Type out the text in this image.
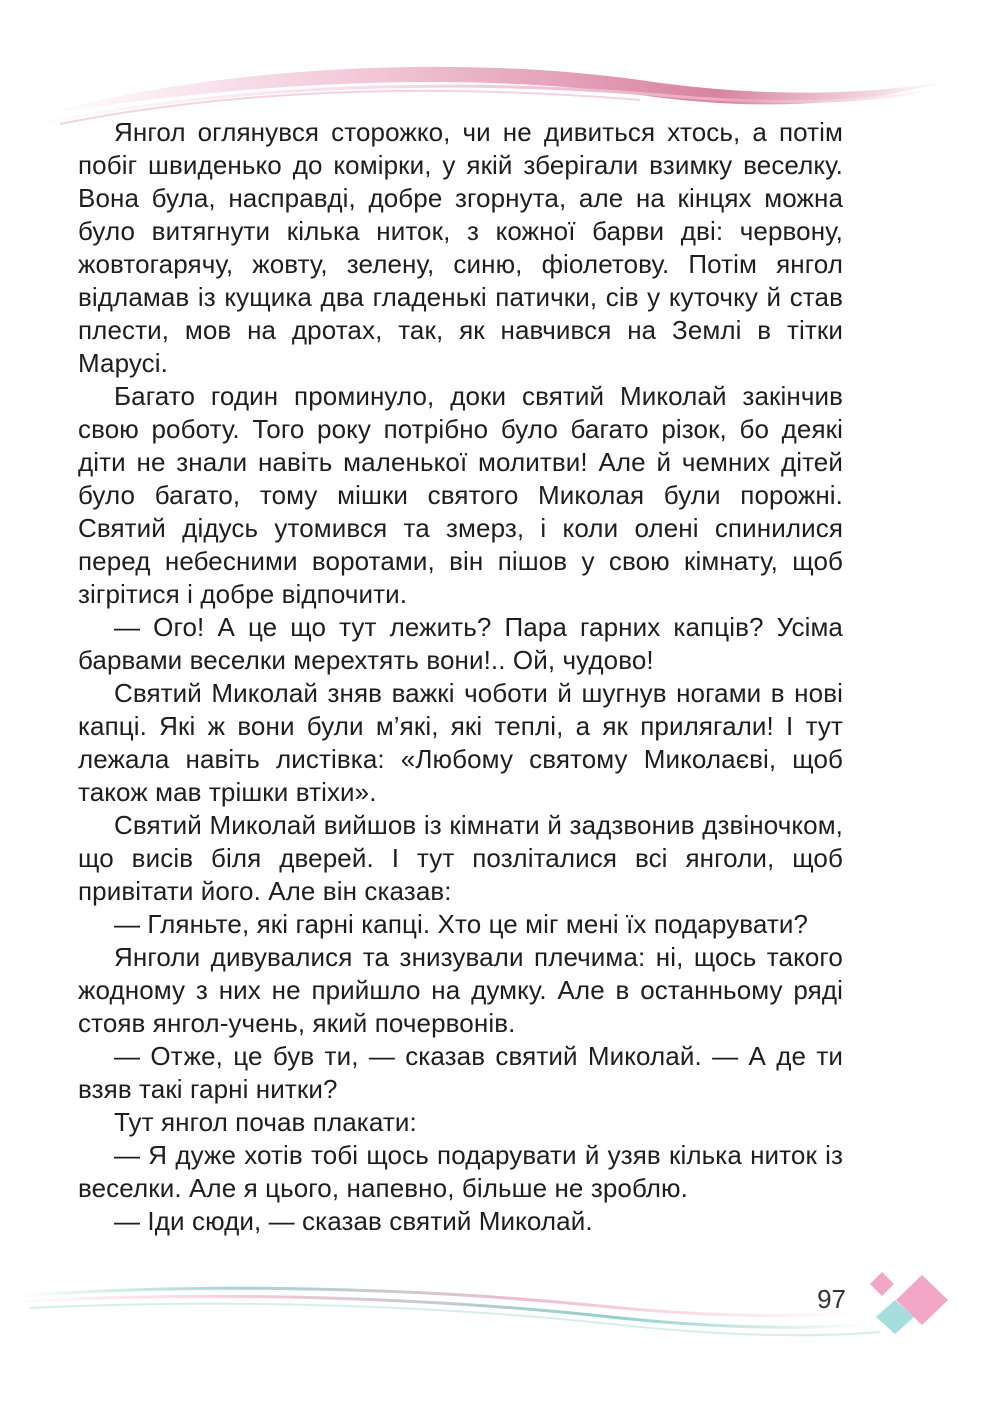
Янгол оглянувся сторожко, чи не дивиться хтось, а потім побіг швиденько до комірки, у якій зберігали взимку веселку. Вона була, насправді, добре згорнута, але на кінцях можна було витягнути кілька ниток, з кожної барви дві: червону, жовтогарячу, жовту, зелену, синю, фіолетову. Потім янгол відламав із кущика два гладенькі патички, сів у куточку й став плести, мов на дротах, так, як навчився на Землі в тітки Марусі.

Багато годин проминуло, доки святий Миколай закінчив свою роботу. Того року потрібно було багато різок, бо деякі діти не знали навіть маленької молитви! Але й чемних дітей було багато, тому мішки святого Миколая були порожні. Святий дідусь утомився та змерз, і коли олені спинилися перед небесними воротами, він пішов у свою кімнату, щоб зігрітися і добре відпочити.

— Ого! А це що тут лежить? Пара гарних капців? Усіма барвами веселки мерехтять вони!.. Ой, чудово!

Святий Миколай зняв важкі чоботи й шугнув ногами в нові капці. Які ж вони були м’які, які теплі, а як прилягали! І тут лежала навіть листівка: «Любому святому Миколаєві, щоб також мав трішки втіхи».

Святий Миколай вийшов із кімнати й задзвонив дзвіночком, що висів біля дверей. І тут позліталися всі янголи, щоб привітати його. Але він сказав:

— Гляньте, які гарні капці. Хто це міг мені їх подарувати?

Янголи дивувалися та знизували плечима: ні, щось такого жодному з них не прийшло на думку. Але в останньому ряді стояв янгол-учень, який почервонів.

— Отже, це був ти, — сказав святий Миколай. — А де ти взяв такі гарні нитки?

Тут янгол почав плакати:

— Я дуже хотів тобі щось подарувати й узяв кілька ниток із веселки. Але я цього, напевно, більше не зроблю.

— Іди сюди, — сказав святий Миколай.

97
